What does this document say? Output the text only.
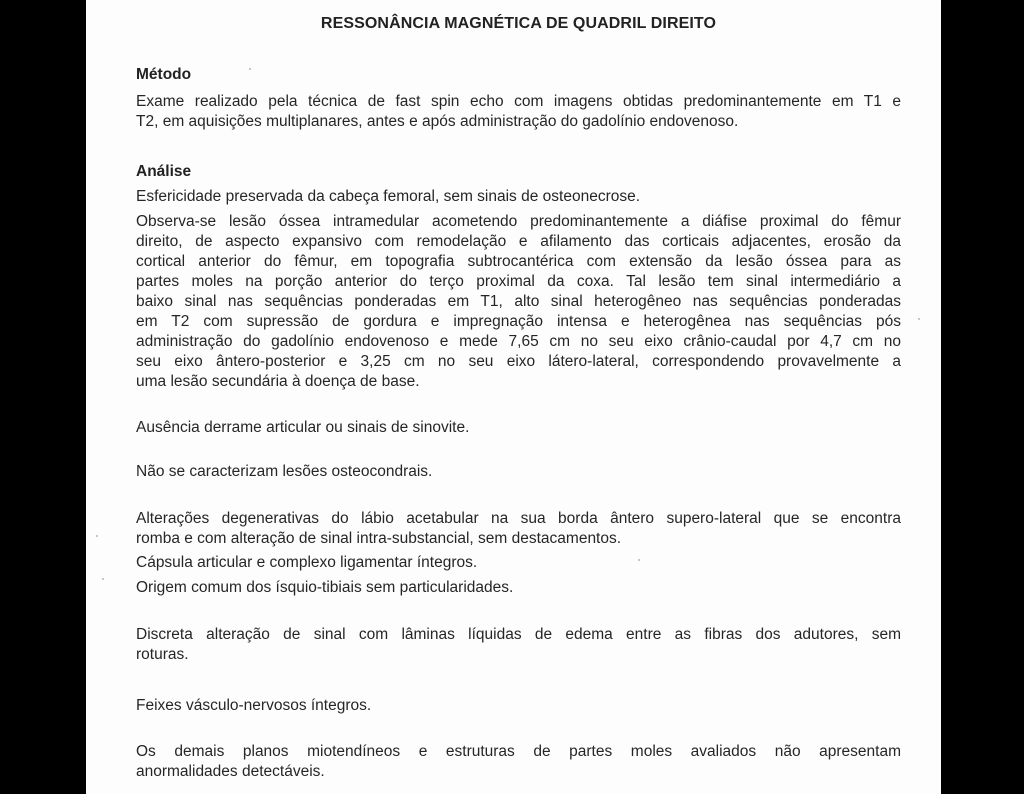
RESSONÂNCIA MAGNÉTICA DE QUADRIL DIREITO
Método

Exame realizado pela técnica de fast spin echo com imagens obtidas predominantemente em T1 e
T2, em aquisições multiplanares, antes e após administração do gadolínio endovenoso.

Análise

Esfericidade preservada da cabeça femoral, sem sinais de osteonecrose.

Observa-se lesão óssea intramedular acometendo predominantemente a diáfise proximal do fêmur
direito, de aspecto expansivo com remodelação e afilamento das corticais adjacentes, erosão da
cortical anterior do fêmur, em topografia subtrocantérica com extensão da lesão óssea para as
partes moles na porção anterior do terço proximal da coxa. Tal lesão tem sinal intermediário a
baixo sinal nas sequências ponderadas em T1, alto sinal heterogêneo nas sequências ponderadas
em T2 com supressão de gordura e impregnação intensa e heterogênea nas sequências pós
administração do gadolínio endovenoso e mede 7,65 cm no seu eixo crânio-caudal por 4,7 cm no
seu eixo ântero-posterior e 3,25 cm no seu eixo látero-lateral, correspondendo provavelmente a
uma lesão secundária à doença de base.

Ausência derrame articular ou sinais de sinovite.

Não se caracterizam lesões osteocondrais.

Alterações degenerativas do lábio acetabular na sua borda ântero supero-lateral que se encontra
romba e com alteração de sinal intra-substancial, sem destacamentos.

Cápsula articular e complexo ligamentar íntegros.

Origem comum dos ísquio-tibiais sem particularidades.

Discreta alteração de sinal com lâminas líquidas de edema entre as fibras dos adutores, sem
roturas.

Feixes vásculo-nervosos íntegros.

Os demais planos miotendíneos e estruturas de partes moles avaliados não apresentam
anormalidades detectáveis.
